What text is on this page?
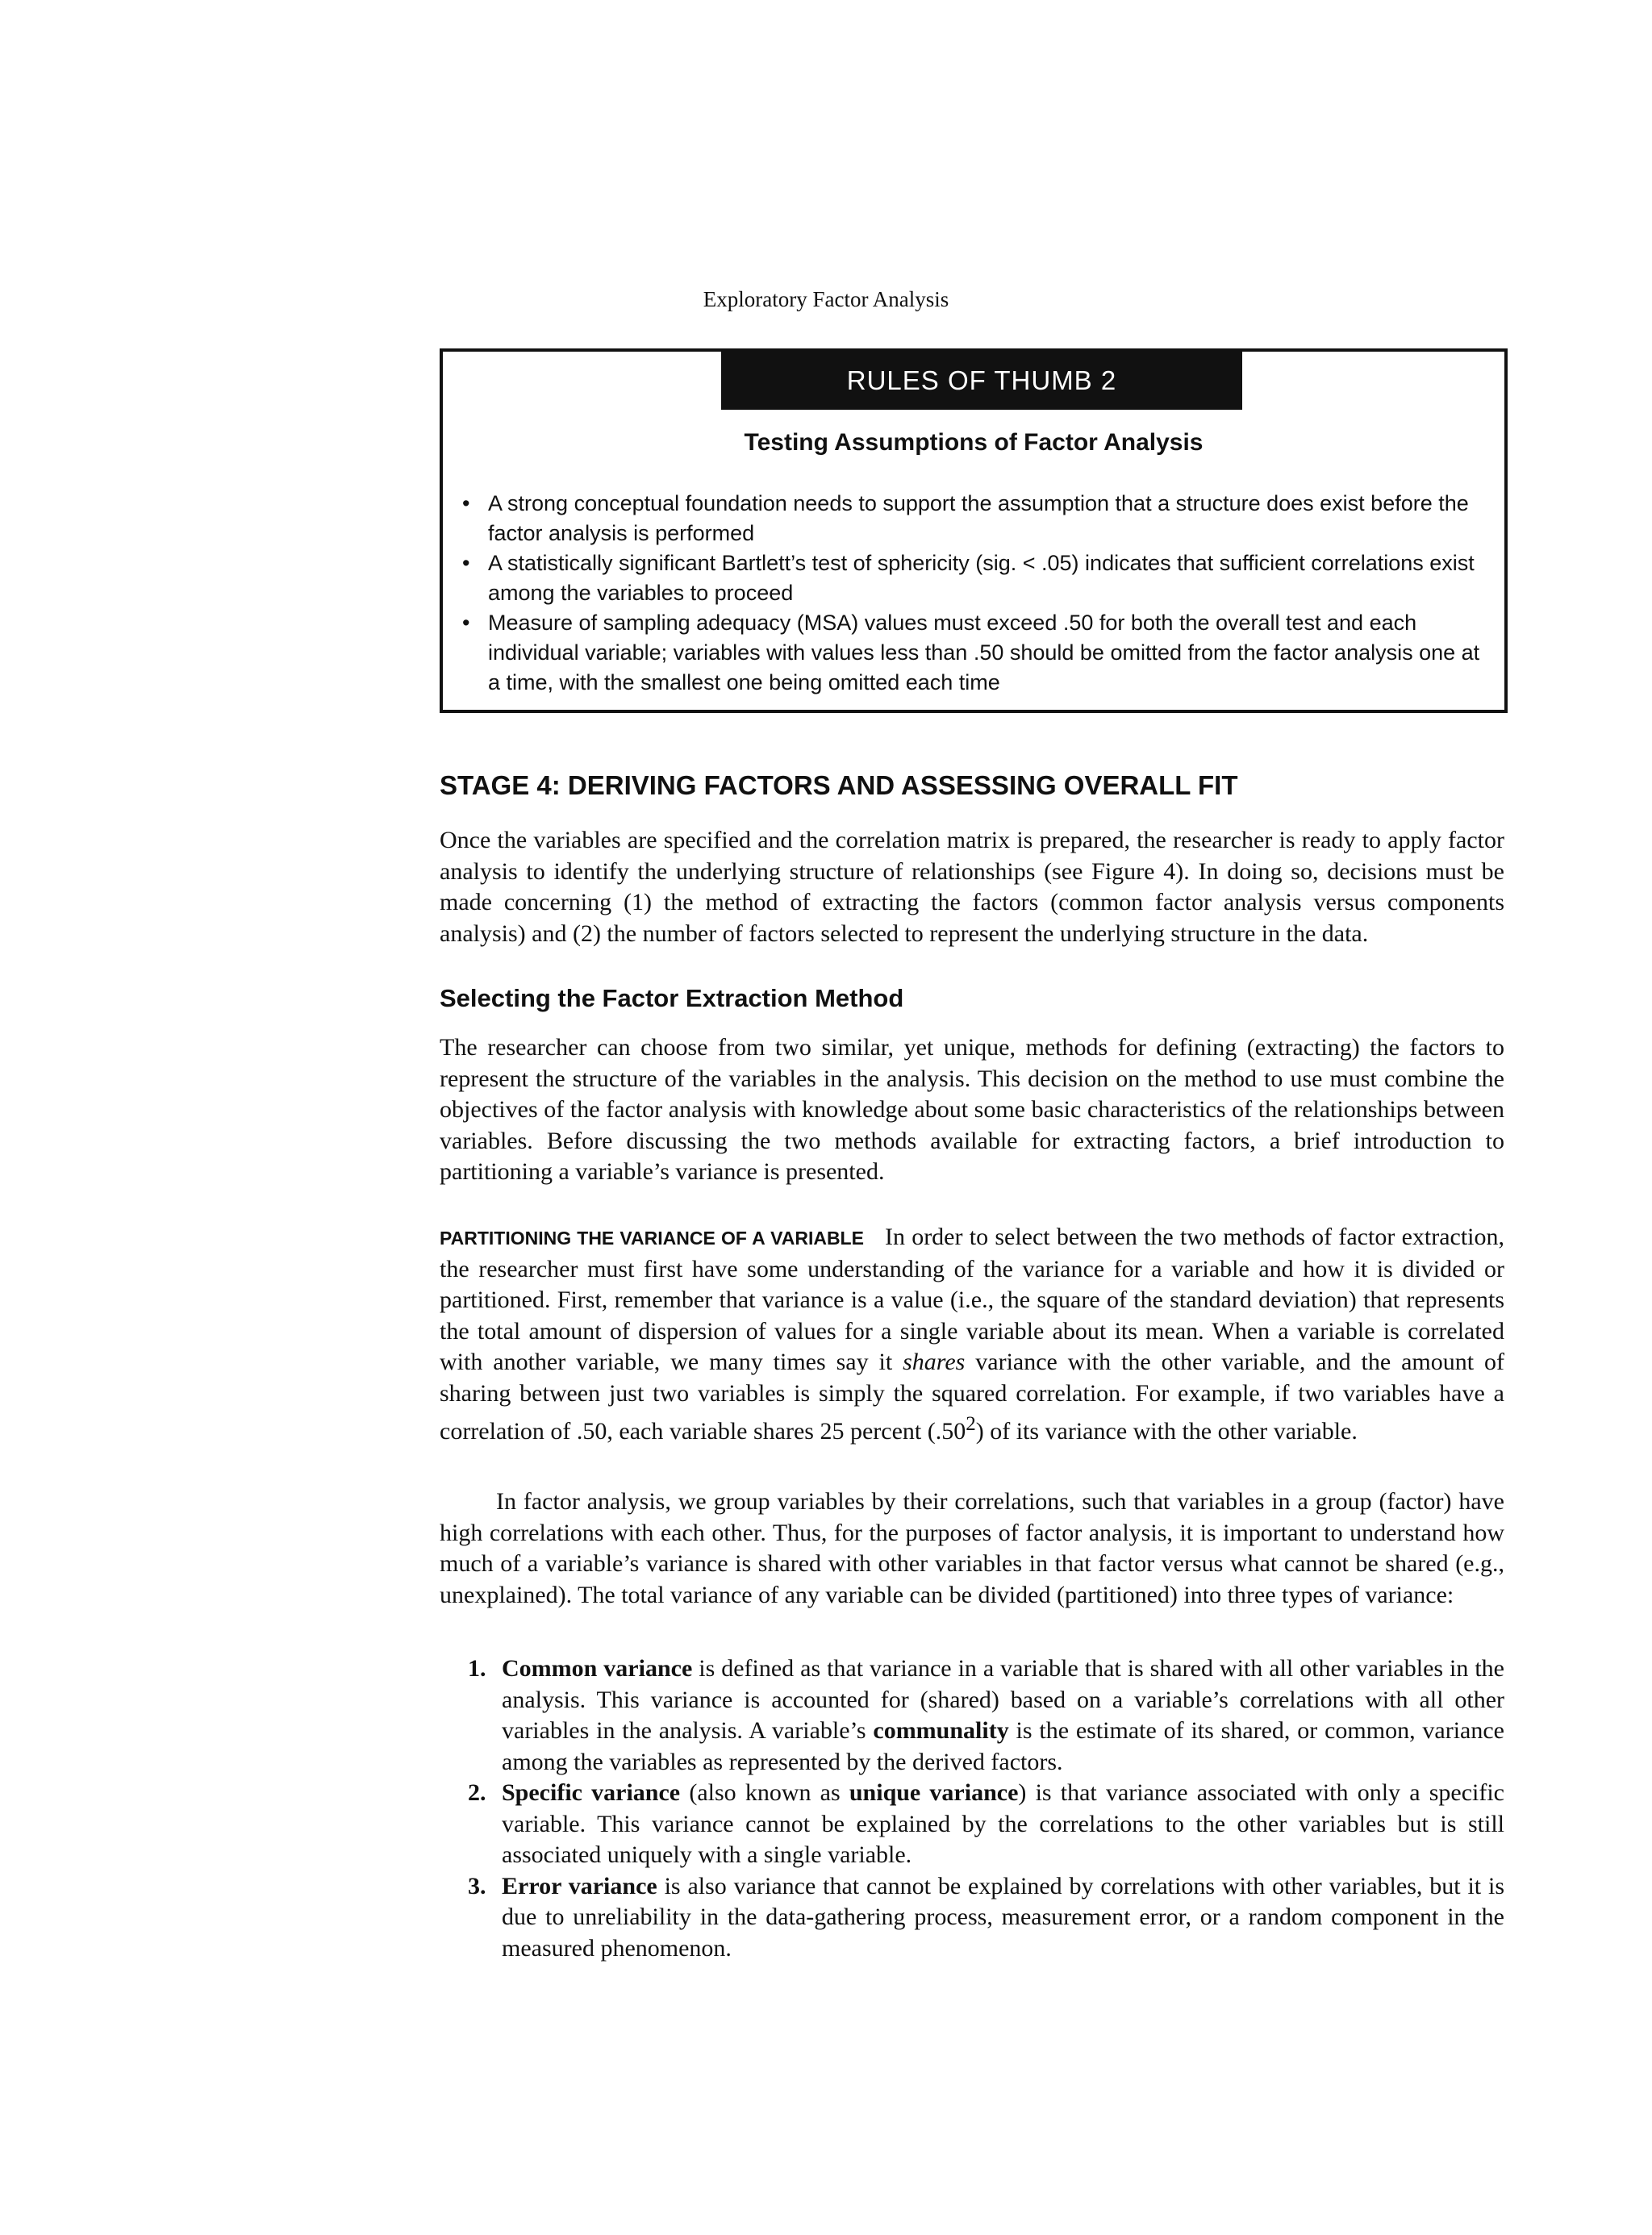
Exploratory Factor Analysis
RULES OF THUMB 2
Testing Assumptions of Factor Analysis
• A strong conceptual foundation needs to support the assumption that a structure does exist before the factor analysis is performed
• A statistically significant Bartlett’s test of sphericity (sig. < .05) indicates that sufficient correlations exist among the variables to proceed
• Measure of sampling adequacy (MSA) values must exceed .50 for both the overall test and each individual variable; variables with values less than .50 should be omitted from the factor analysis one at a time, with the smallest one being omitted each time
STAGE 4: DERIVING FACTORS AND ASSESSING OVERALL FIT

Once the variables are specified and the correlation matrix is prepared, the researcher is ready to apply factor analysis to identify the underlying structure of relationships (see Figure 4). In doing so, decisions must be made concerning (1) the method of extracting the factors (common factor analysis versus components analysis) and (2) the number of factors selected to represent the underlying structure in the data.

Selecting the Factor Extraction Method

The researcher can choose from two similar, yet unique, methods for defining (extracting) the factors to represent the structure of the variables in the analysis. This decision on the method to use must combine the objectives of the factor analysis with knowledge about some basic characteristics of the relationships between variables. Before discussing the two methods available for extracting factors, a brief introduction to partitioning a variable’s variance is presented.

PARTITIONING THE VARIANCE OF A VARIABLE In order to select between the two methods of factor extraction, the researcher must first have some understanding of the variance for a variable and how it is divided or partitioned. First, remember that variance is a value (i.e., the square of the standard deviation) that represents the total amount of dispersion of values for a single variable about its mean. When a variable is correlated with another variable, we many times say it shares variance with the other variable, and the amount of sharing between just two variables is simply the squared correlation. For example, if two variables have a correlation of .50, each variable shares 25 percent $(.50^2)$ of its variance with the other variable.

In factor analysis, we group variables by their correlations, such that variables in a group (factor) have high correlations with each other. Thus, for the purposes of factor analysis, it is important to understand how much of a variable’s variance is shared with other variables in that factor versus what cannot be shared (e.g., unexplained). The total variance of any variable can be divided (partitioned) into three types of variance:

1. Common variance is defined as that variance in a variable that is shared with all other variables in the analysis. This variance is accounted for (shared) based on a variable’s correlations with all other variables in the analysis. A variable’s communality is the estimate of its shared, or common, variance among the variables as represented by the derived factors.
2. Specific variance (also known as unique variance) is that variance associated with only a specific variable. This variance cannot be explained by the correlations to the other variables but is still associated uniquely with a single variable.
3. Error variance is also variance that cannot be explained by correlations with other variables, but it is due to unreliability in the data-gathering process, measurement error, or a random component in the measured phenomenon.
